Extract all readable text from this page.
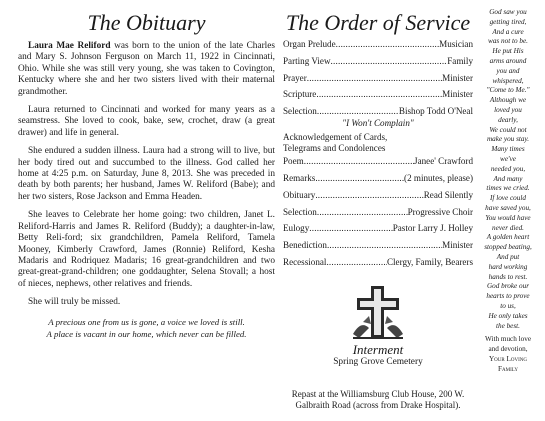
The Obituary

Laura Mae Reliford was born to the union of the late Charles and Mary S. Johnson Ferguson on March 11, 1922 in Cincinnati, Ohio. While she was still very young, she was taken to Covington, Kentucky where she and her two sisters lived with their maternal grandmother.

Laura returned to Cincinnati and worked for many years as a seamstress. She loved to cook, bake, sew, crochet, draw (a great drawer) and life in general.

She endured a sudden illness. Laura had a strong will to live, but her body tired out and succumbed to the illness. God called her home at 4:25 p.m. on Saturday, June 8, 2013. She was preceded in death by both parents; her husband, James W. Reliford (Babe); and her two sisters, Rose Jackson and Emma Headen.

She leaves to Celebrate her home going: two children, Janet L. Reliford-Harris and James R. Reliford (Buddy); a daughter-in-law, Betty Reli-ford; six grandchildren, Pamela Reliford, Tamela Mooney, Kimberly Crawford, James (Ronnie) Reliford, Kesha Madaris and Rodriquez Madaris; 16 great-grandchildren and two great-great-grand-children; one goddaughter, Selena Stovall; a host of nieces, nephews, other relatives and friends.

She will truly be missed.

A precious one from us is gone, a voice we loved is still.
A place is vacant in our home, which never can be filled.
The Order of Service
Organ Prelude .....	Musician
Parting View .....	Family
Prayer .....	Minister
Scripture .....	Minister
Selection .....	Bishop Todd O'Neal
"I Won't Complain"
Acknowledgement of Cards,
Telegrams and Condolences
Poem .....	Janee' Crawford
Remarks .....	(2 minutes, please)
Obituary .....	Read Silently
Selection .....	Progressive Choir
Eulogy .....	Pastor Larry J. Holley
Benediction .....	Minister
Recessional .....	Clergy, Family, Bearers
Interment
Spring Grove Cemetery
Repast at the Williamsburg Club House, 200 W.
Galbraith Road (across from Drake Hospital).

God saw you

getting tired,

And a cure

was not to be.

He put His

arms around

you and

whispered,

"Come to Me."

Although we

loved you

dearly,

We could not

make you stay.

Many times

we've

needed you,

And many

times we cried.

If love could

have saved you,

You would have

never died.

A golden heart

stopped beating,

And put

hard working

hands to rest.

God broke our

hearts to prove

to us,

He only takes

the best.

With much love

and devotion,

Your Loving

Family
